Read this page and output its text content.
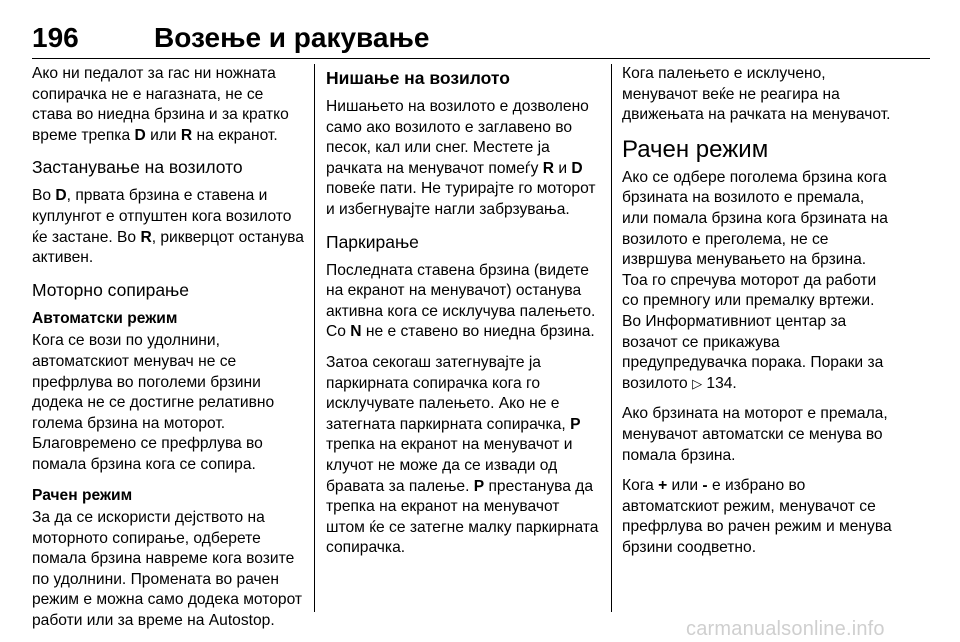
196	Возење и ракување

Ако ни педалот за гас ни ножната сопирачка не е нагазната, не се става во ниедна брзина и за кратко време трепка D или R на екранот.

Застанување на возилото

Во D, првата брзина е ставена и куплунгот е отпуштен кога возилото ќе застане. Во R, рикверцот останува активен.

Моторно сопирање
Автоматски режим

Кога се вози по удолнини, автоматскиот менувач не се префрлува во поголеми брзини додека не се достигне релативно голема брзина на моторот. Благовремено се префрлува во помала брзина кога се сопира.

Рачен режим

За да се искористи дејството на моторното сопирање, одберете помала брзина навреме кога возите по удолнини. Промената во рачен режим е можна само додека моторот работи или за време на Autostop.

Нишање на возилото

Нишањето на возилото е дозволено само ако возилото е заглавено во песок, кал или снег. Местете ја рачката на менувачот помеѓу R и D повеќе пати. Не турирајте го моторот и избегнувајте нагли забрзувања.

Паркирање

Последната ставена брзина (видете на екранот на менувачот) останува активна кога се исклучува палењето. Со N не е ставено во ниедна брзина.

Затоа секогаш затегнувајте ја паркирната сопирачка кога го исклучувате палењето. Ако не е затегната паркирната сопирачка, P трепка на екранот на менувачот и клучот не може да се извади од бравата за палење. P престанува да трепка на екранот на менувачот штом ќе се затегне малку паркирната сопирачка.

Кога палењето е исклучено, менувачот веќе не реагира на движењата на рачката на менувачот.

Рачен режим

Ако се одбере поголема брзина кога брзината на возилото е премала, или помала брзина кога брзината на возилото е преголема, не се извршува менувањето на брзина. Тоа го спречува моторот да работи со премногу или премалку вртежи. Во Информативниот центар за возачот се прикажува предупредувачка порака. Пораки за возилото ▷ 134.

Ако брзината на моторот е премала, менувачот автоматски се менува во помала брзина.

Кога + или - е избрано во автоматскиот режим, менувачот се префрлува во рачен режим и менува брзини соодветно.

carmanualsonline.info
